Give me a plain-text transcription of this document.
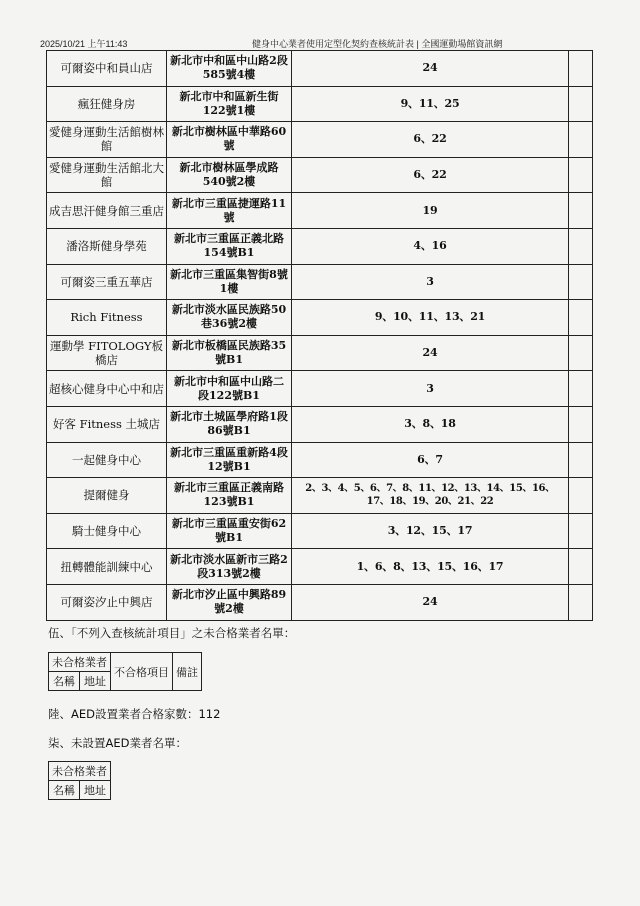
2025/10/21 上午11:43	健身中心業者使用定型化契約查核統計表 | 全國運動場館資訊網
可爾姿中和員山店	新北市中和區中山路2段585號4樓	24	
瘋狂健身房	新北市中和區新生街122號1樓	9、11、25	
愛健身運動生活館樹林館	新北市樹林區中華路60號	6、22	
愛健身運動生活館北大館	新北市樹林區學成路540號2樓	6、22	
成吉思汗健身館三重店	新北市三重區捷運路11號	19	
潘洛斯健身學苑	新北市三重區正義北路154號B1	4、16	
可爾姿三重五華店	新北市三重區集智街8號1樓	3	
Rich Fitness	新北市淡水區民族路50巷36號2樓	9、10、11、13、21	
運動學 FITOLOGY板橋店	新北市板橋區民族路35號B1	24	
超核心健身中心中和店	新北市中和區中山路二段122號B1	3	
好客 Fitness 土城店	新北市土城區學府路1段86號B1	3、8、18	
一起健身中心	新北市三重區重新路4段12號B1	6、7	
提爾健身	新北市三重區正義南路123號B1	2、3、4、5、6、7、8、11、12、13、14、15、16、17、18、19、20、21、22	
騎士健身中心	新北市三重區重安街62號B1	3、12、15、17	
扭轉體能訓練中心	新北市淡水區新市三路2段313號2樓	1、6、8、13、15、16、17	
可爾姿汐止中興店	新北市汐止區中興路89號2樓	24	
伍、「不列入查核統計項目」之未合格業者名單：
未合格業者		不合格項目	備註
名稱	地址		
陸、AED設置業者合格家數：112
柒、未設置AED業者名單：
未合格業者
名稱	地址
